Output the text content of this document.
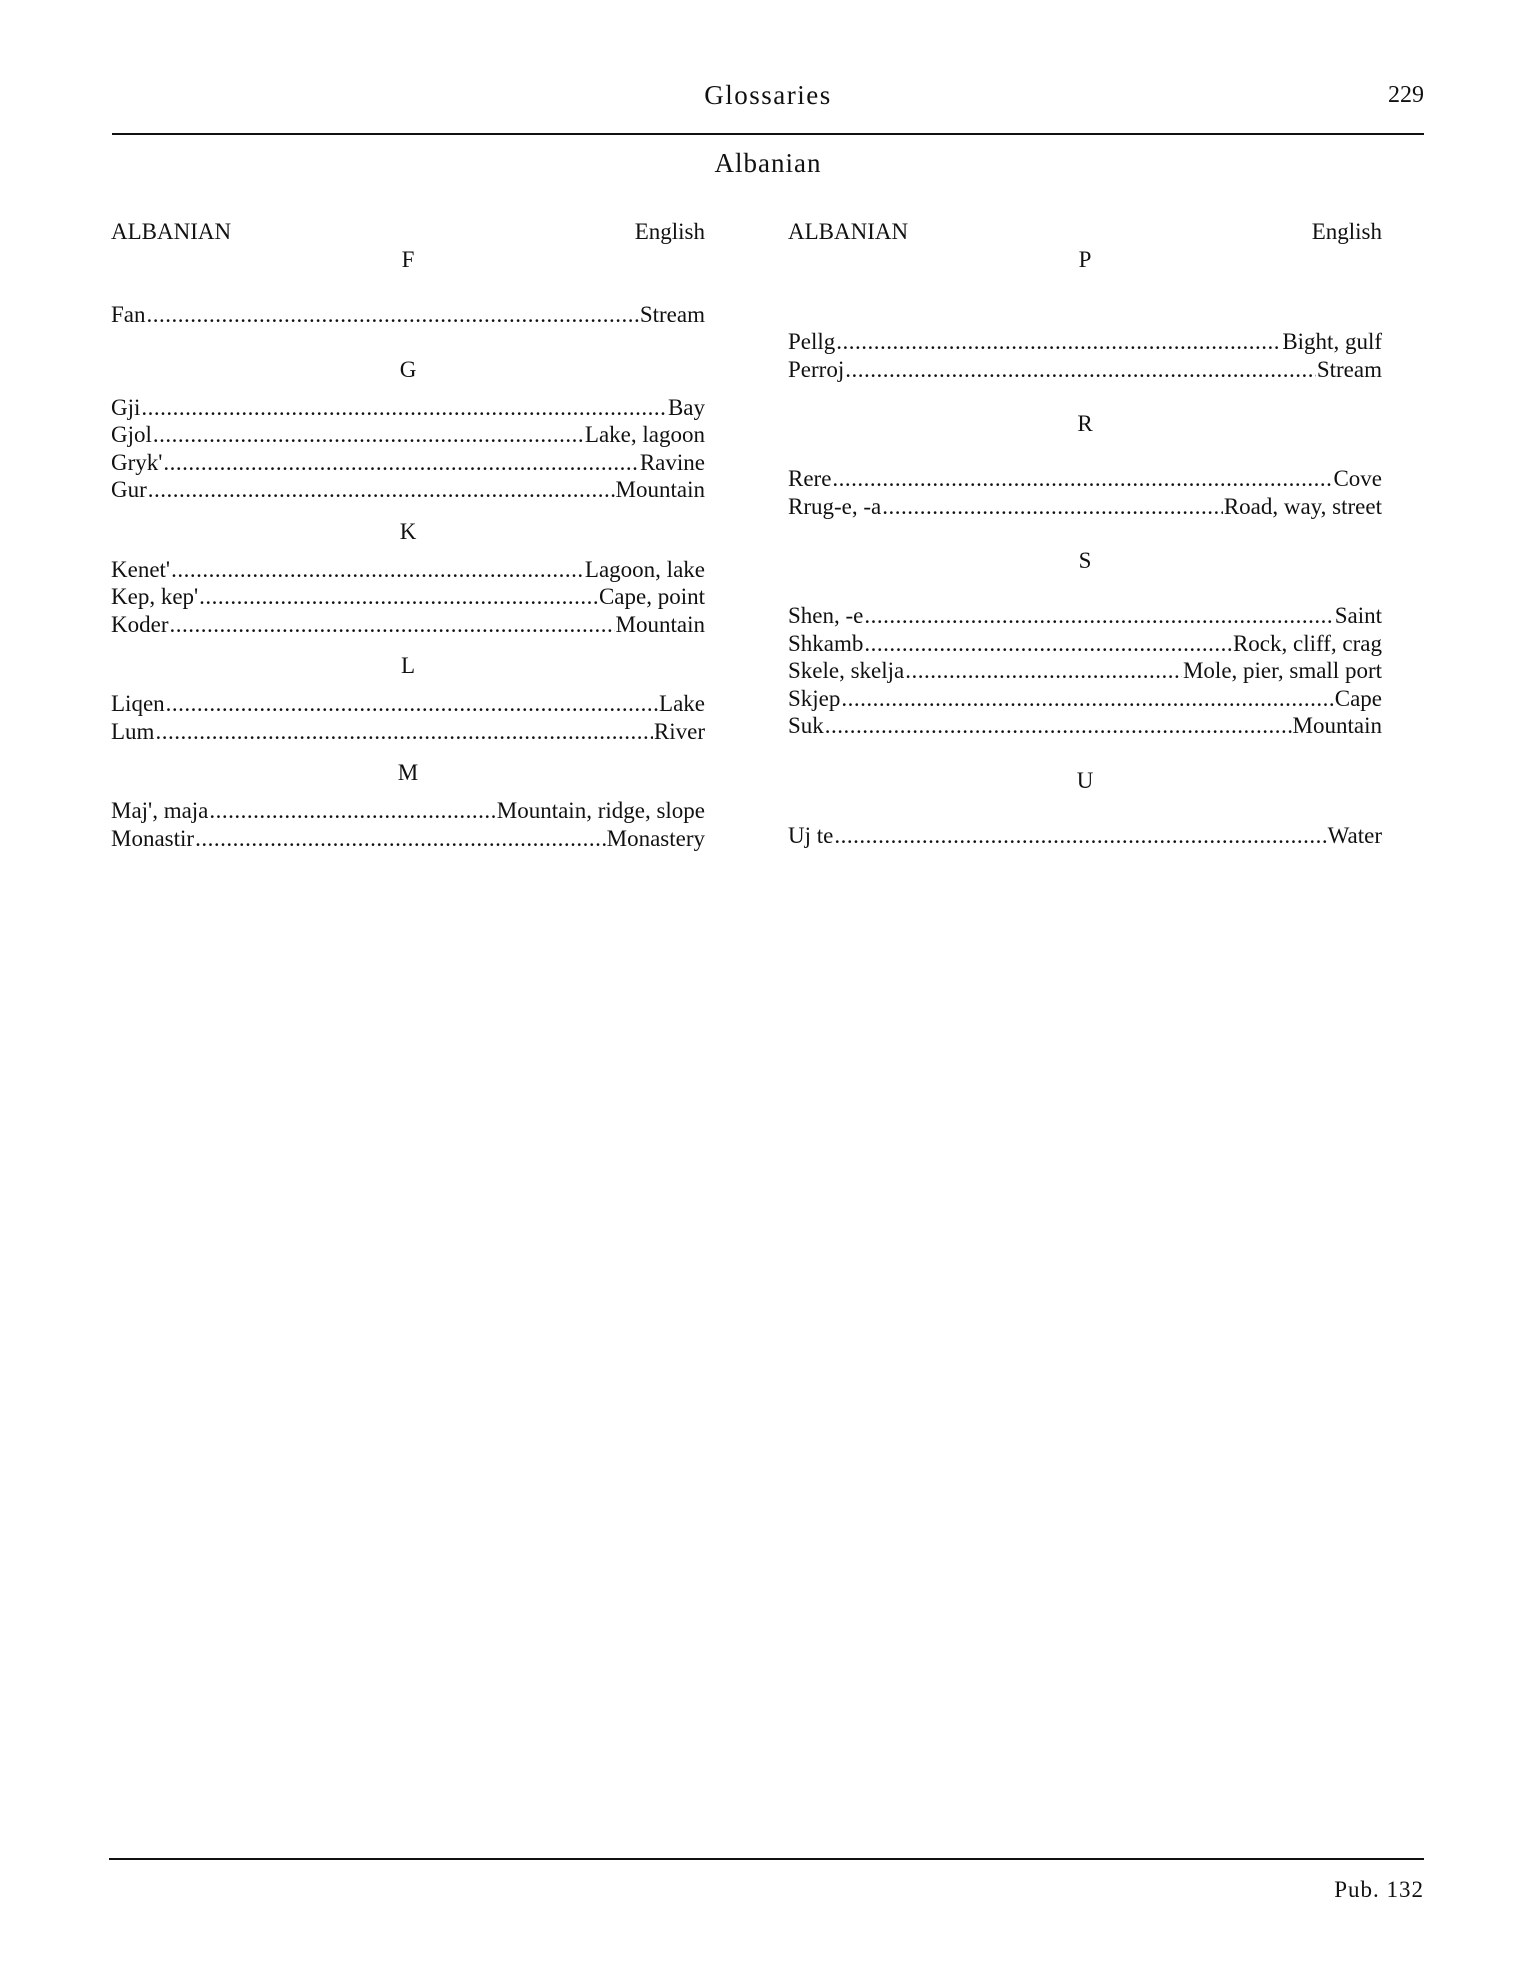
Glossaries	229
Albanian
ALBANIAN	English
F
Fan .....	Stream
G
Gji .....	Bay
Gjol .....	Lake, lagoon
Gryk' .....	Ravine
Gur .....	Mountain
K
Kenet' .....	Lagoon, lake
Kep, kep' .....	Cape, point
Koder .....	Mountain
L
Liqen .....	Lake
Lum .....	River
M
Maj', maja .....	Mountain, ridge, slope
Monastir .....	Monastery
ALBANIAN	English
P
Pellg .....	Bight, gulf
Perroj .....	Stream
R
Rere .....	Cove
Rrug-e, -a .....	Road, way, street
S
Shen, -e .....	Saint
Shkamb .....	Rock, cliff, crag
Skele, skelja .....	Mole, pier, small port
Skjep .....	Cape
Suk .....	Mountain
U
Uj te .....	Water
Pub. 132
